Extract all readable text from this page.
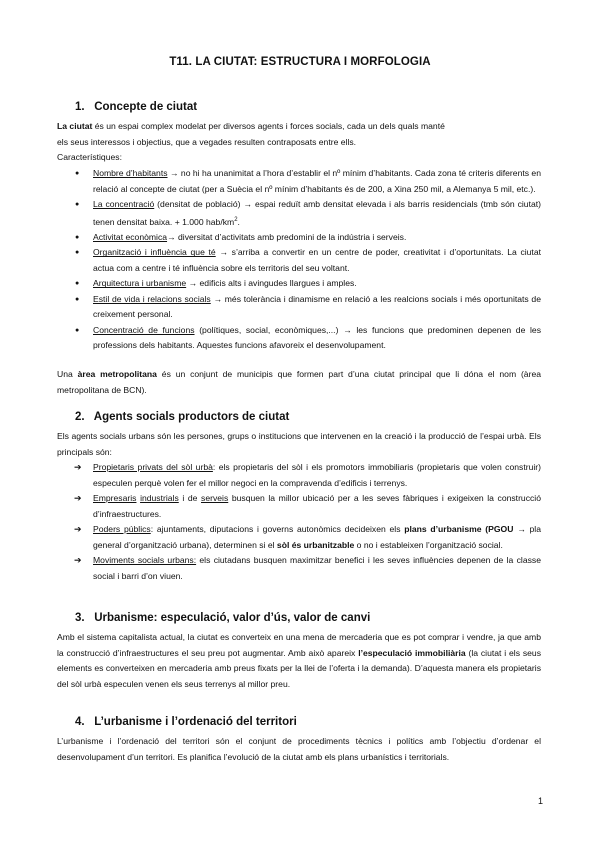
T11. LA CIUTAT: ESTRUCTURA I MORFOLOGIA
1. Concepte de ciutat
La ciutat és un espai complex modelat per diversos agents i forces socials, cada un dels quals manté
els seus interessos i objectius, que a vegades resulten contraposats entre ells.
Característiques:
● Nombre d’habitants → no hi ha unanimitat a l’hora d’establir el nº mínim d’habitants. Cada zona té criteris diferents en relació al concepte de ciutat (per a Suècia el nº mínim d’habitants és de 200, a Xina 250 mil, a Alemanya 5 mil, etc.).
● La concentració (densitat de població) → espai reduït amb densitat elevada i als barris residencials (tmb són ciutat) tenen densitat baixa. + 1.000 hab/$km^2$.
● Activitat econòmica→ diversitat d’activitats amb predomini de la indústria i serveis.
● Organització i influència que té → s’arriba a convertir en un centre de poder, creativitat i d’oportunitats. La ciutat actua com a centre i té influència sobre els territoris del seu voltant.
● Arquitectura i urbanisme → edificis alts i avingudes llargues i amples.
● Estil de vida i relacions socials → més tolerància i dinamisme en relació a les realcions socials i més oportunitats de creixement personal.
● Concentració de funcions (polítiques, social, econòmiques,...) → les funcions que predominen depenen de les professions dels habitants. Aquestes funcions afavoreix el desenvolupament.
Una àrea metropolitana és un conjunt de municipis que formen part d’una ciutat principal que li dóna el nom (àrea metropolitana de BCN).
2. Agents socials productors de ciutat
Els agents socials urbans són les persones, grups o institucions que intervenen en la creació i la producció de l’espai urbà. Els principals són:
➔ Propietaris privats del sòl urbà: els propietaris del sòl i els promotors immobiliaris (propietaris que volen construir) especulen perquè volen fer el millor negoci en la compravenda d’edificis i terrenys.
➔ Empresaris industrials i de serveis busquen la millor ubicació per a les seves fàbriques i exigeixen la construcció d’infraestructures.
➔ Poders públics: ajuntaments, diputacions i governs autonòmics decideixen els plans d’urbanisme (PGOU → pla general d’organització urbana), determinen si el sòl és urbanitzable o no i estableixen l’organització social.
➔ Moviments socials urbans: els ciutadans busquen maximitzar benefici i les seves influències depenen de la classe social i barri d’on viuen.
3. Urbanisme: especulació, valor d’ús, valor de canvi
Amb el sistema capitalista actual, la ciutat es converteix en una mena de mercaderia que es pot comprar i vendre, ja que amb la construcció d’infraestructures el seu preu pot augmentar. Amb això apareix l’especulació immobiliària (la ciutat i els seus elements es converteixen en mercaderia amb preus fixats per la llei de l’oferta i la demanda). D’aquesta manera els propietaris del sòl urbà especulen venen els seus terrenys al millor preu.
4. L’urbanisme i l’ordenació del territori
L’urbanisme i l’ordenació del territori són el conjunt de procediments tècnics i polítics amb l’objectiu d’ordenar el desenvolupament d’un territori. Es planifica l’evolució de la ciutat amb els plans urbanístics i territorials.
1
